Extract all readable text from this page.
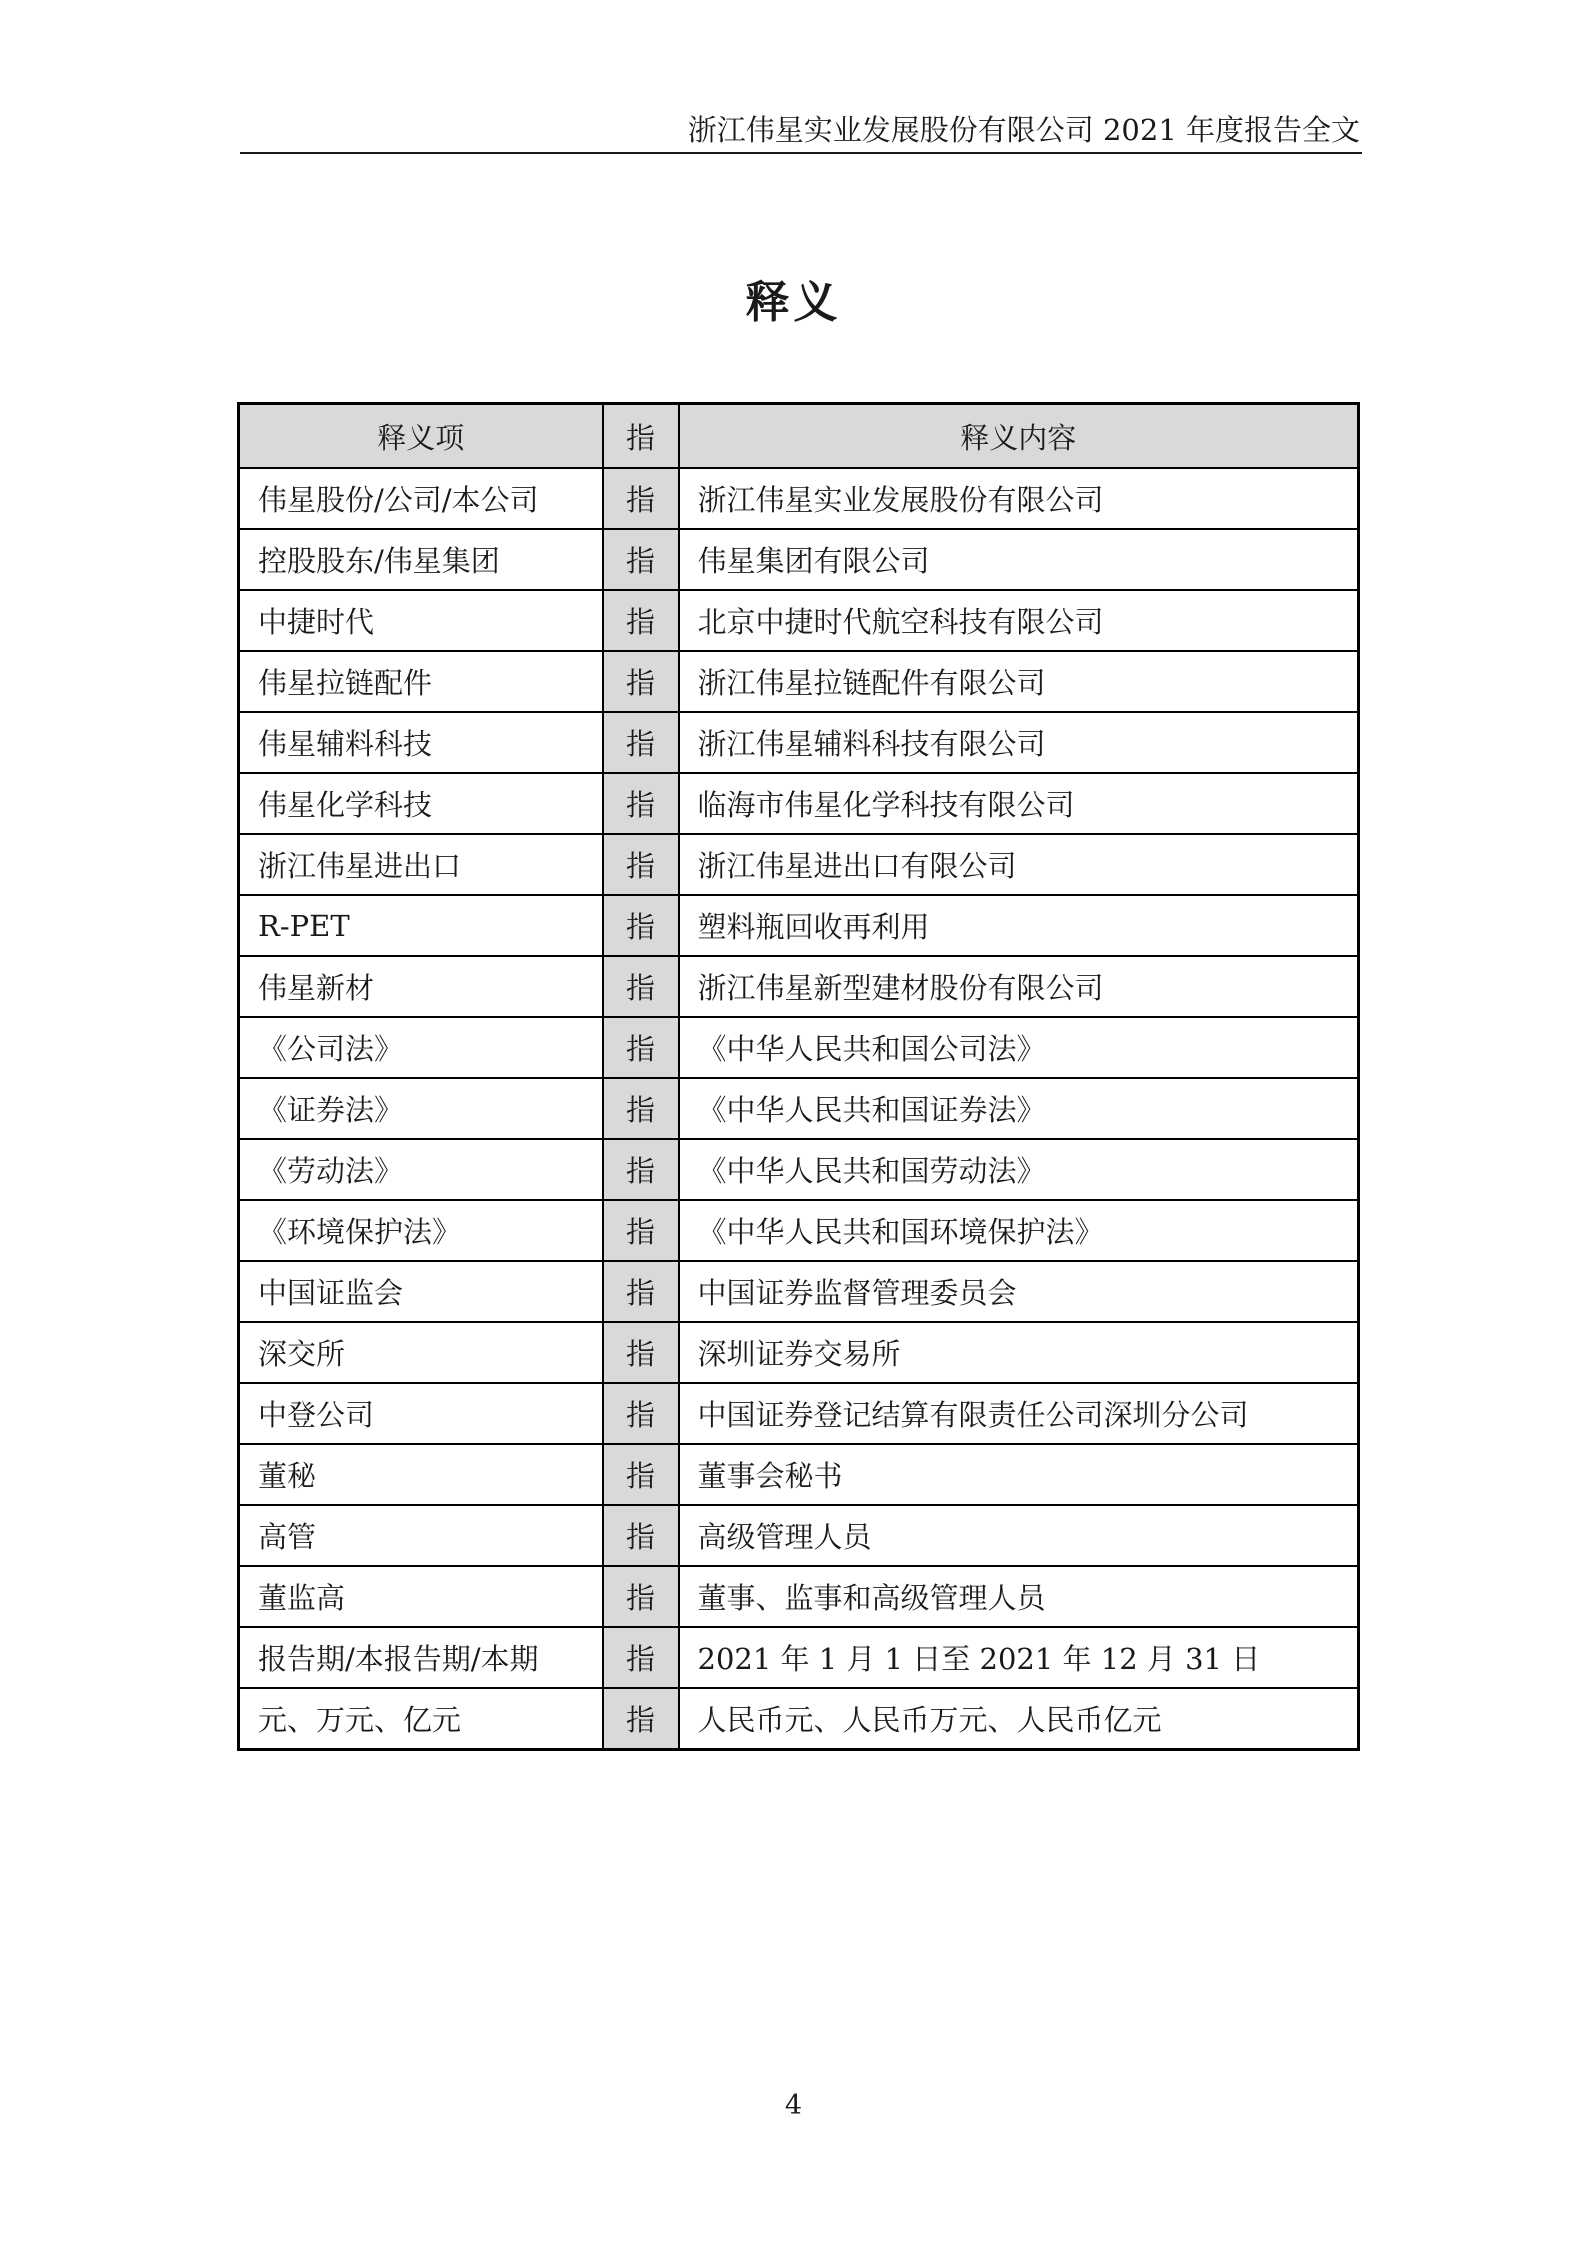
浙江伟星实业发展股份有限公司 2021 年度报告全文
释义
释义项	指	释义内容
伟星股份/公司/本公司	指	浙江伟星实业发展股份有限公司
控股股东/伟星集团	指	伟星集团有限公司
中捷时代	指	北京中捷时代航空科技有限公司
伟星拉链配件	指	浙江伟星拉链配件有限公司
伟星辅料科技	指	浙江伟星辅料科技有限公司
伟星化学科技	指	临海市伟星化学科技有限公司
浙江伟星进出口	指	浙江伟星进出口有限公司
R-PET	指	塑料瓶回收再利用
伟星新材	指	浙江伟星新型建材股份有限公司
《公司法》	指	《中华人民共和国公司法》
《证券法》	指	《中华人民共和国证券法》
《劳动法》	指	《中华人民共和国劳动法》
《环境保护法》	指	《中华人民共和国环境保护法》
中国证监会	指	中国证券监督管理委员会
深交所	指	深圳证券交易所
中登公司	指	中国证券登记结算有限责任公司深圳分公司
董秘	指	董事会秘书
高管	指	高级管理人员
董监高	指	董事、监事和高级管理人员
报告期/本报告期/本期	指	2021 年 1 月 1 日至 2021 年 12 月 31 日
元、万元、亿元	指	人民币元、人民币万元、人民币亿元
4
